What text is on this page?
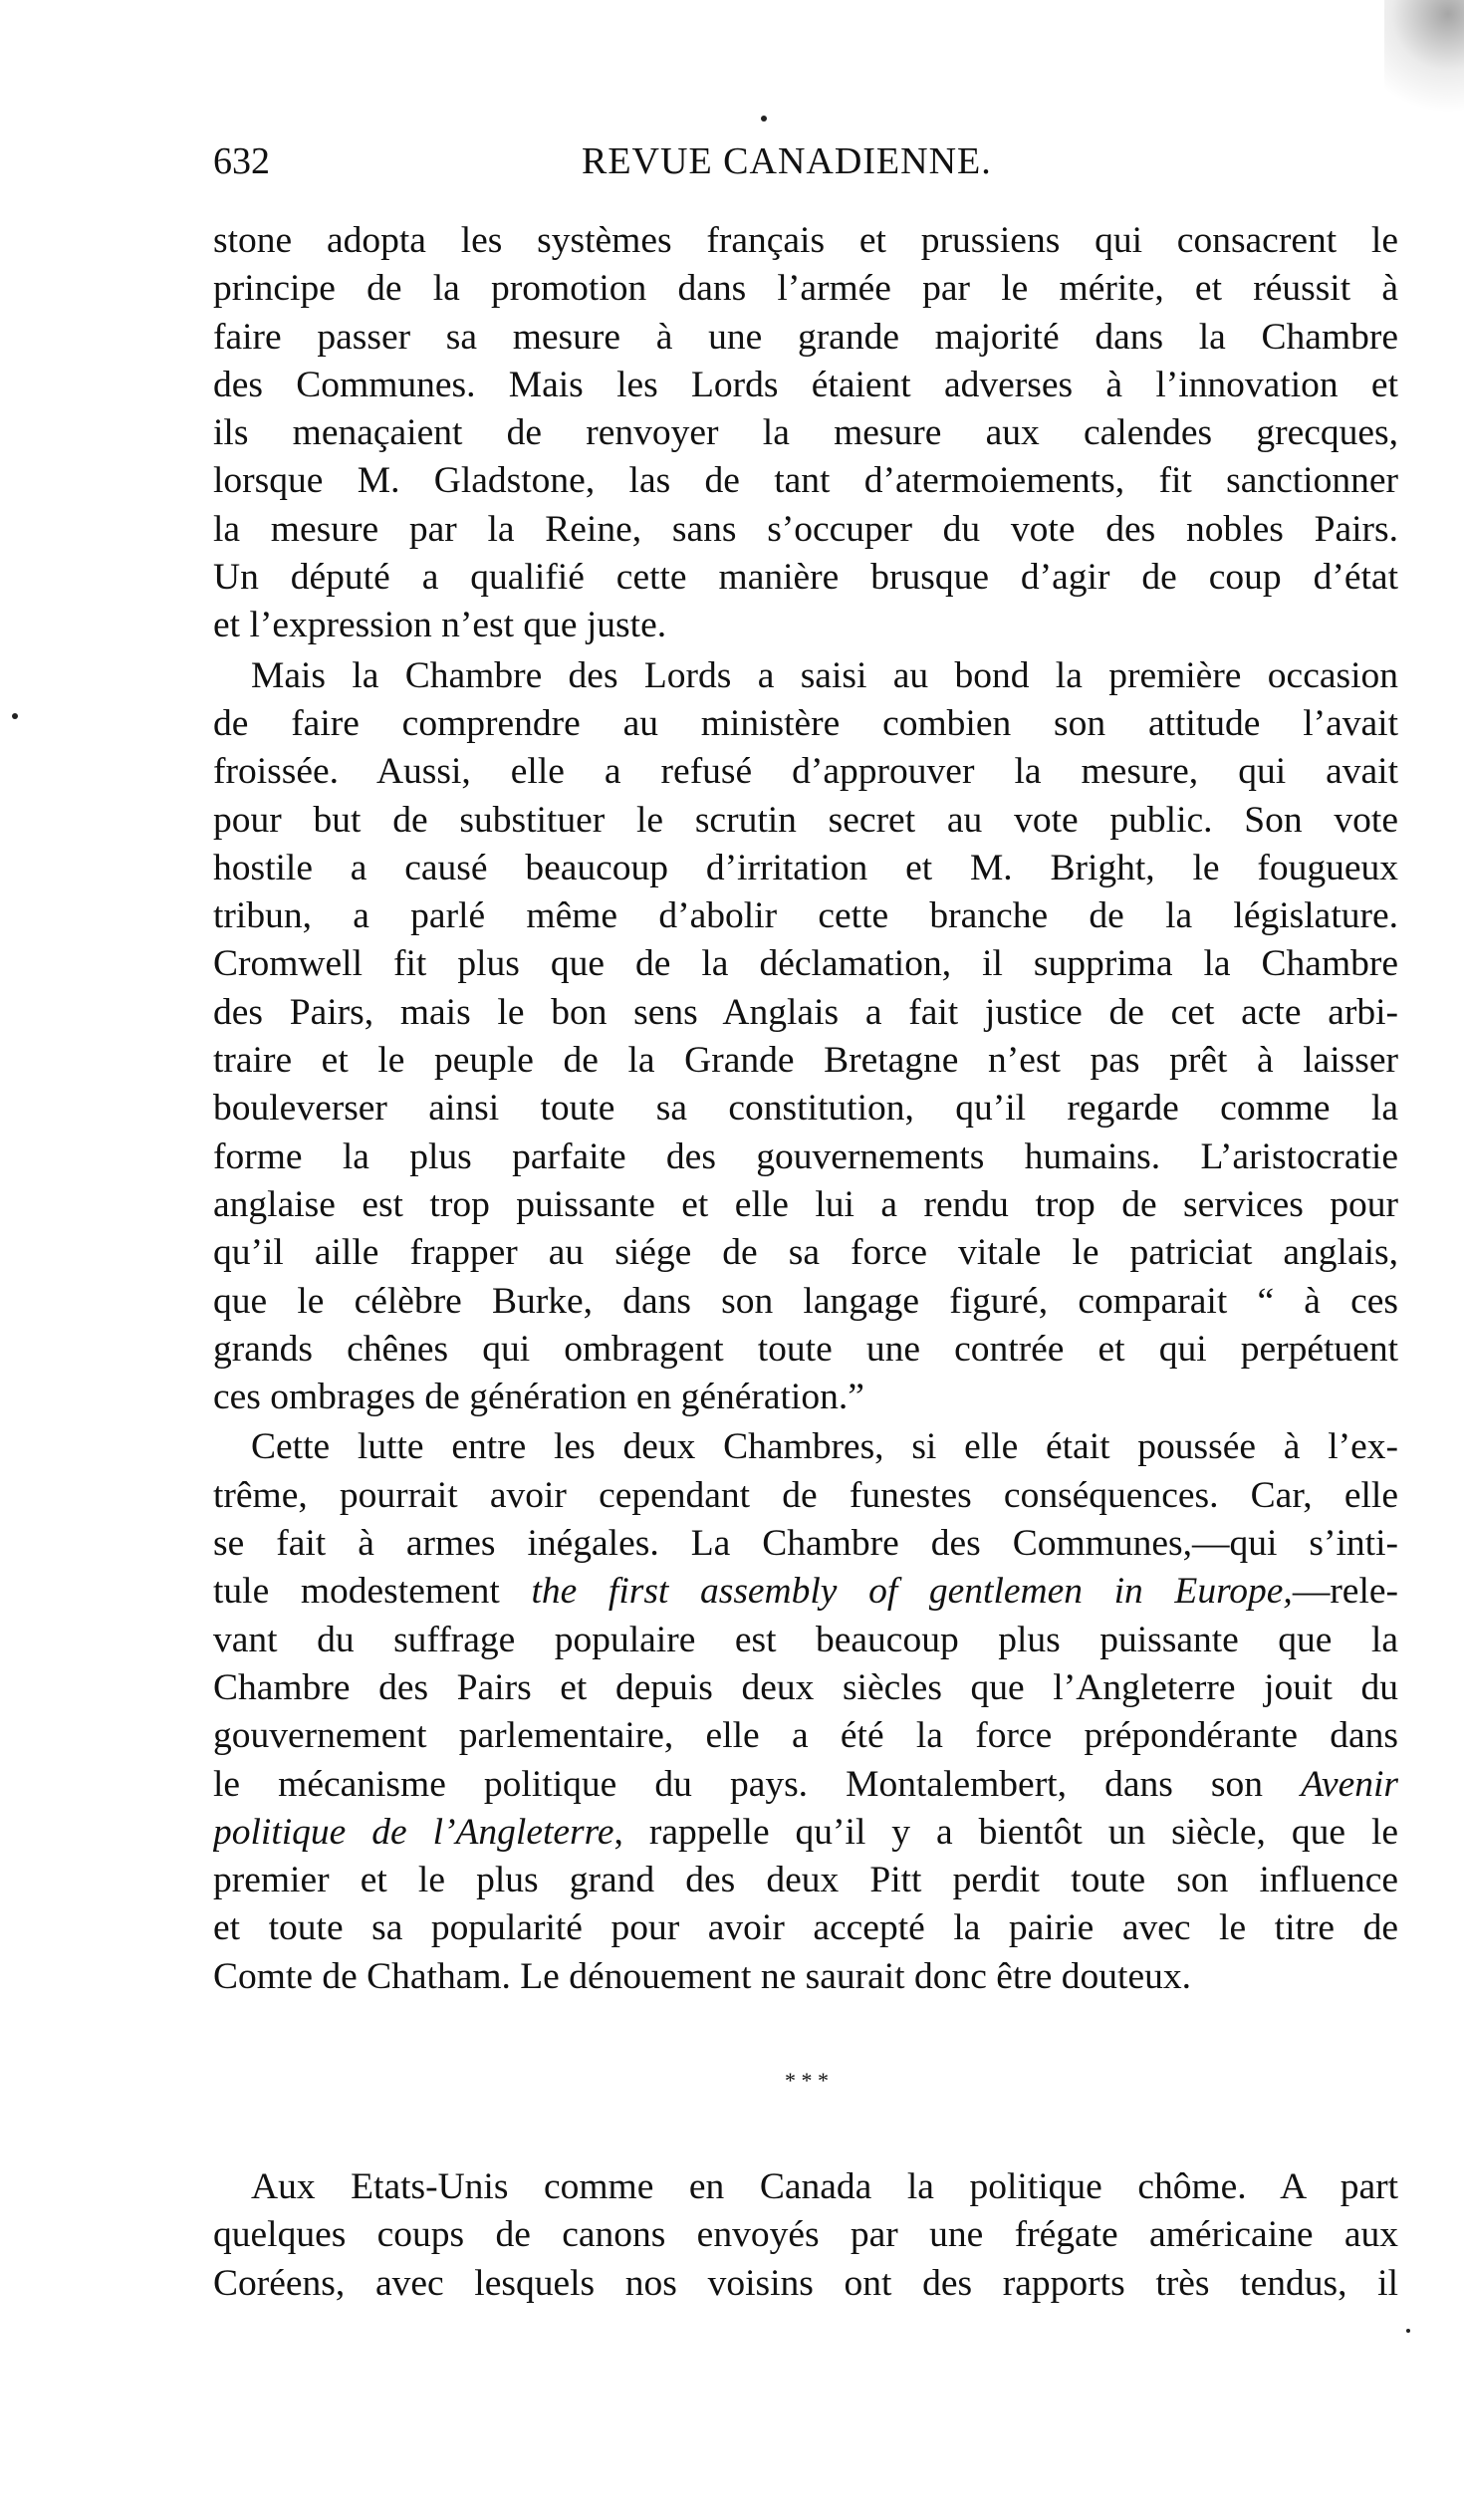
632	REVUE CANADIENNE.
stone adopta les systèmes français et prussiens qui consacrent le
principe de la promotion dans l’armée par le mérite, et réussit à
faire passer sa mesure à une grande majorité dans la Chambre
des Communes. Mais les Lords étaient adverses à l’innovation et
ils menaçaient de renvoyer la mesure aux calendes grecques,
lorsque M. Gladstone, las de tant d’atermoiements, fit sanctionner
la mesure par la Reine, sans s’occuper du vote des nobles Pairs.
Un député a qualifié cette manière brusque d’agir de coup d’état
et l’expression n’est que juste.
Mais la Chambre des Lords a saisi au bond la première occasion
de faire comprendre au ministère combien son attitude l’avait
froissée. Aussi, elle a refusé d’approuver la mesure, qui avait
pour but de substituer le scrutin secret au vote public. Son vote
hostile a causé beaucoup d’irritation et M. Bright, le fougueux
tribun, a parlé même d’abolir cette branche de la législature.
Cromwell fit plus que de la déclamation, il supprima la Chambre
des Pairs, mais le bon sens Anglais a fait justice de cet acte arbi-
traire et le peuple de la Grande Bretagne n’est pas prêt à laisser
bouleverser ainsi toute sa constitution, qu’il regarde comme la
forme la plus parfaite des gouvernements humains. L’aristocratie
anglaise est trop puissante et elle lui a rendu trop de services pour
qu’il aille frapper au siége de sa force vitale le patriciat anglais,
que le célèbre Burke, dans son langage figuré, comparait “ à ces
grands chênes qui ombragent toute une contrée et qui perpétuent
ces ombrages de génération en génération.”
Cette lutte entre les deux Chambres, si elle était poussée à l’ex-
trême, pourrait avoir cependant de funestes conséquences. Car, elle
se fait à armes inégales. La Chambre des Communes,—qui s’inti-
tule modestement the first assembly of gentlemen in Europe,—rele-
vant du suffrage populaire est beaucoup plus puissante que la
Chambre des Pairs et depuis deux siècles que l’Angleterre jouit du
gouvernement parlementaire, elle a été la force prépondérante dans
le mécanisme politique du pays. Montalembert, dans son Avenir
politique de l’Angleterre, rappelle qu’il y a bientôt un siècle, que le
premier et le plus grand des deux Pitt perdit toute son influence
et toute sa popularité pour avoir accepté la pairie avec le titre de
Comte de Chatham. Le dénouement ne saurait donc être douteux.
* * *
Aux Etats-Unis comme en Canada la politique chôme. A part
quelques coups de canons envoyés par une frégate américaine aux
Coréens, avec lesquels nos voisins ont des rapports très tendus, il
